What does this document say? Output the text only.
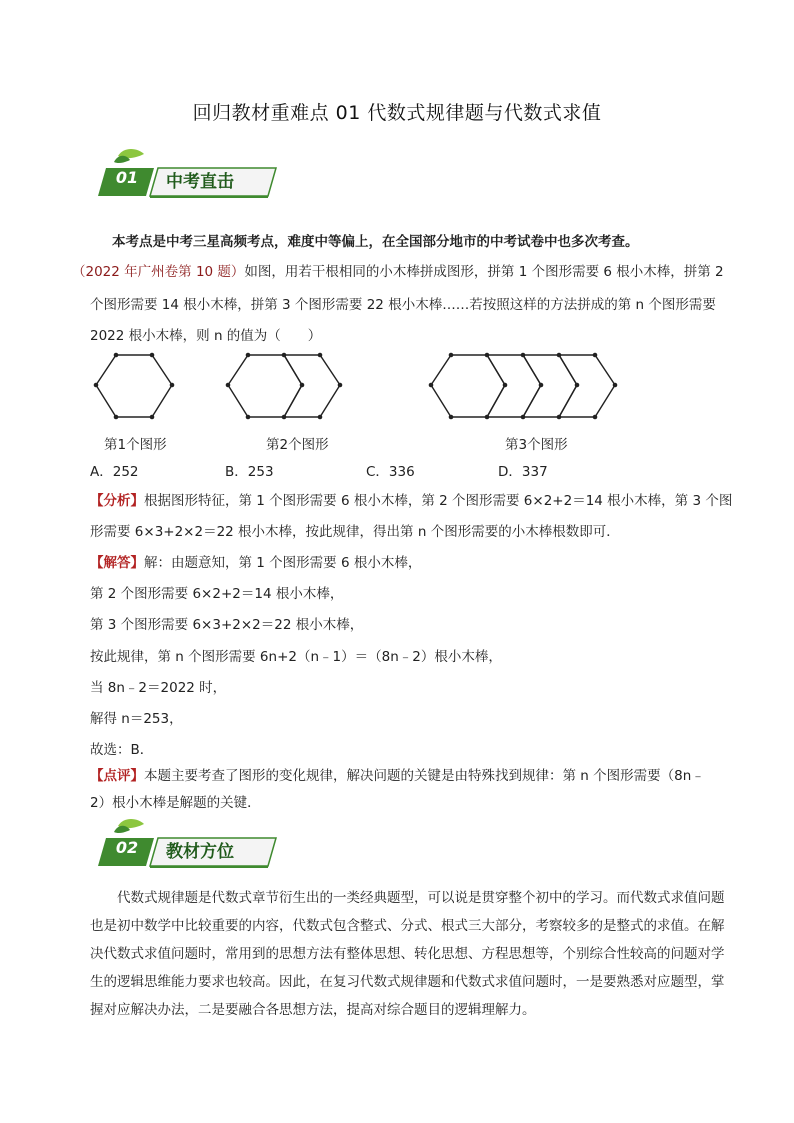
回归教材重难点 01 代数式规律题与代数式求值
01	中考直击
本考点是中考三星高频考点，难度中等偏上，在全国部分地市的中考试卷中也多次考查。
（2022 年广州卷第 10 题）如图，用若干根相同的小木棒拼成图形，拼第 1 个图形需要 6 根小木棒，拼第 2
个图形需要 14 根小木棒，拼第 3 个图形需要 22 根小木棒……若按照这样的方法拼成的第 n 个图形需要
2022 根小木棒，则 n 的值为（　　）
第1个图形	第2个图形	第3个图形
A．252	B．253	C．336	D．337
【分析】根据图形特征，第 1 个图形需要 6 根小木棒，第 2 个图形需要 6×2+2＝14 根小木棒，第 3 个图
形需要 6×3+2×2＝22 根小木棒，按此规律，得出第 n 个图形需要的小木棒根数即可．
【解答】解：由题意知，第 1 个图形需要 6 根小木棒，
第 2 个图形需要 6×2+2＝14 根小木棒，
第 3 个图形需要 6×3+2×2＝22 根小木棒，
按此规律，第 n 个图形需要 6n+2（n﹣1）＝（8n﹣2）根小木棒，
当 8n﹣2＝2022 时，
解得 n＝253，
故选：B．
【点评】本题主要考查了图形的变化规律，解决问题的关键是由特殊找到规律：第 n 个图形需要（8n﹣
2）根小木棒是解题的关键．
02	教材方位
代数式规律题是代数式章节衍生出的一类经典题型，可以说是贯穿整个初中的学习。而代数式求值问题也是初中数学中比较重要的内容，代数式包含整式、分式、根式三大部分，考察较多的是整式的求值。在解决代数式求值问题时，常用到的思想方法有整体思想、转化思想、方程思想等，个别综合性较高的问题对学生的逻辑思维能力要求也较高。因此，在复习代数式规律题和代数式求值问题时，一是要熟悉对应题型，掌握对应解决办法，二是要融合各思想方法，提高对综合题目的逻辑理解力。
